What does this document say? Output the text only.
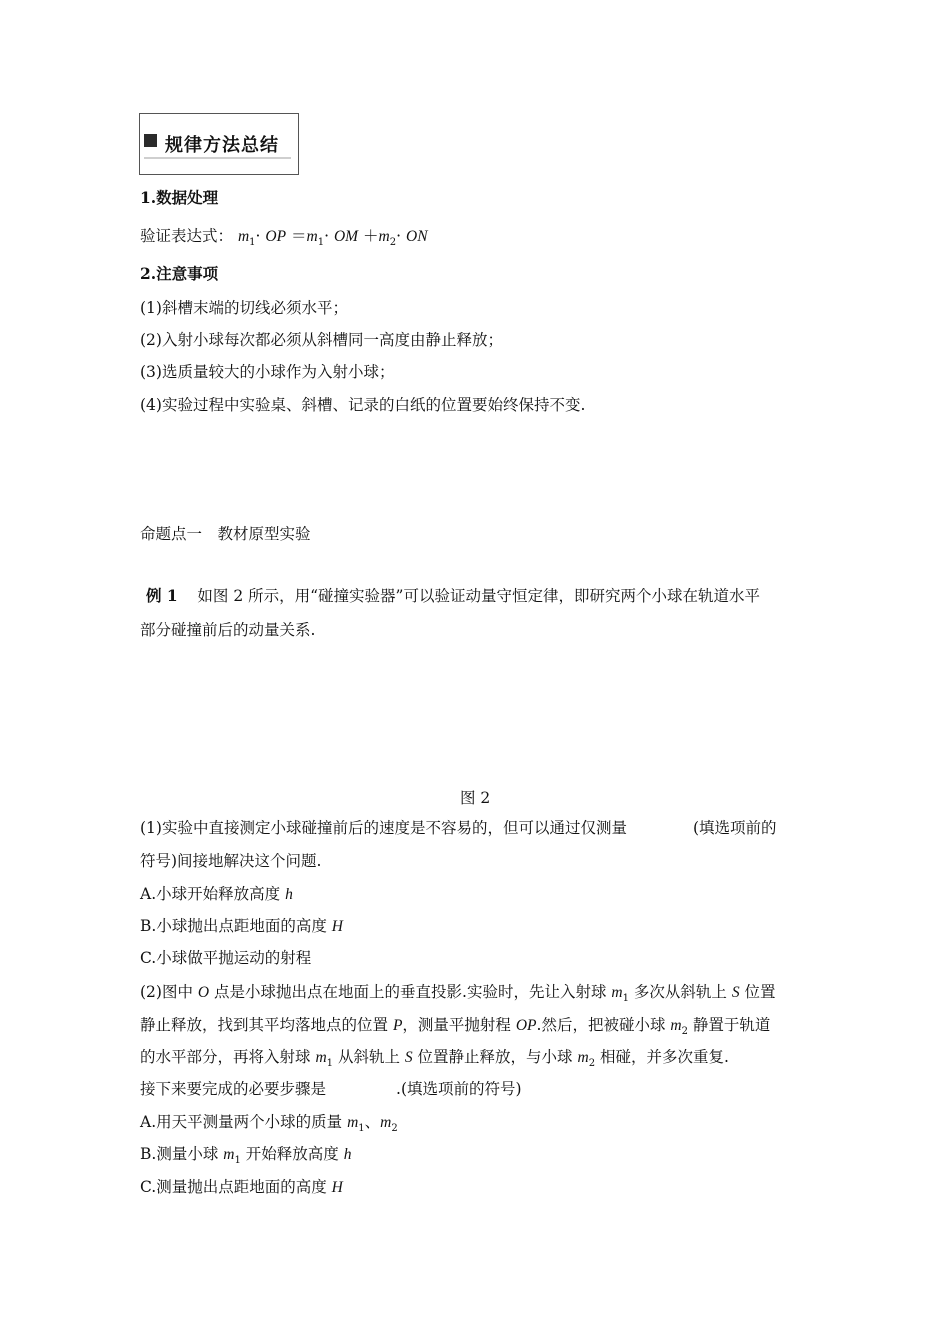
规律方法总结
1.数据处理
验证表达式： $m_1\cdot$ OP $=m_1\cdot$ OM $+m_2\cdot$ ON
2.注意事项
(1)斜槽末端的切线必须水平；
(2)入射小球每次都必须从斜槽同一高度由静止释放；
(3)选质量较大的小球作为入射小球；
(4)实验过程中实验桌、斜槽、记录的白纸的位置要始终保持不变.
命题点一　教材原型实验
例 1 如图 2 所示，用“碰撞实验器”可以验证动量守恒定律，即研究两个小球在轨道水平
部分碰撞前后的动量关系.
图 2
(1)实验中直接测定小球碰撞前后的速度是不容易的，但可以通过仅测量	(填选项前的
符号)间接地解决这个问题.
A.小球开始释放高度 h
B.小球抛出点距地面的高度 H
C.小球做平抛运动的射程
(2)图中 O 点是小球抛出点在地面上的垂直投影.实验时，先让入射球 $m_1$ 多次从斜轨上 S 位置
静止释放，找到其平均落地点的位置 P，测量平抛射程 OP.然后，把被碰小球 $m_2$ 静置于轨道
的水平部分，再将入射球 $m_1$ 从斜轨上 S 位置静止释放，与小球 $m_2$ 相碰，并多次重复.
接下来要完成的必要步骤是	.(填选项前的符号)
A.用天平测量两个小球的质量 $m_1$、$m_2$
B.测量小球 $m_1$ 开始释放高度 h
C.测量抛出点距地面的高度 H
